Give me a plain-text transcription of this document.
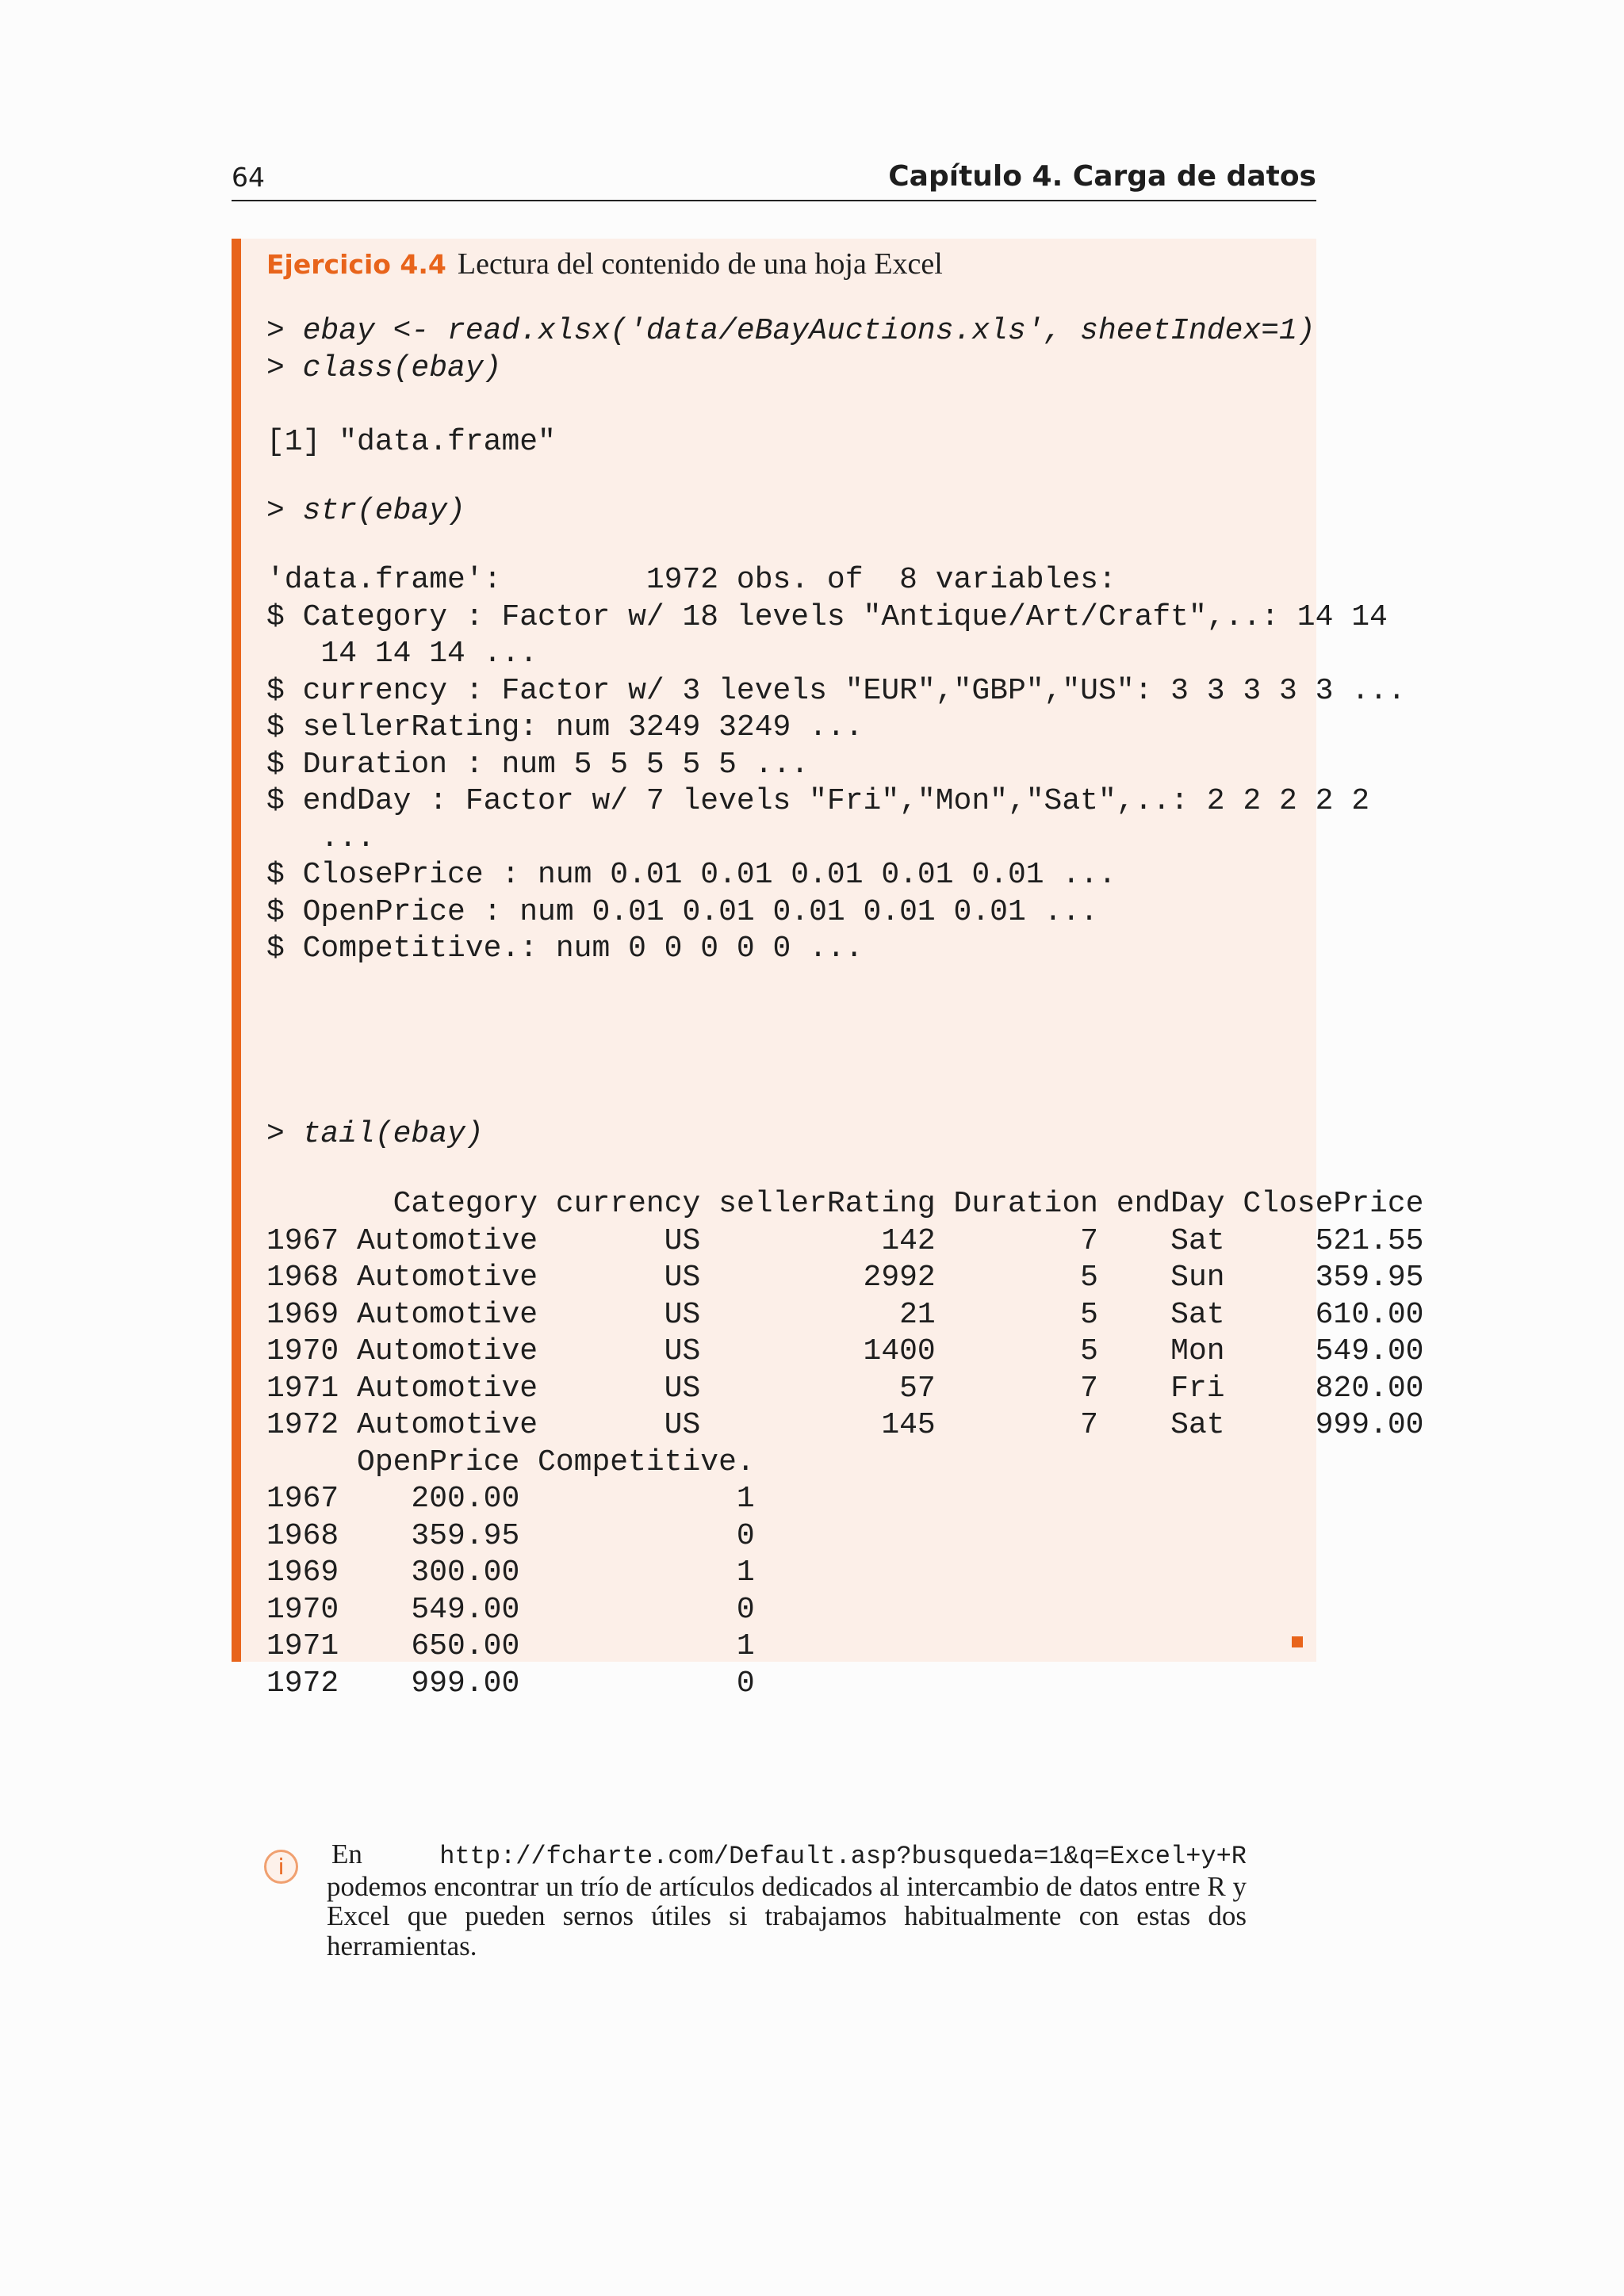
64	Capítulo 4. Carga de datos
Ejercicio 4.4 Lectura del contenido de una hoja Excel
> ebay <- read.xlsx('data/eBayAuctions.xls', sheetIndex=1)
> class(ebay)
[1] "data.frame"
> str(ebay)
'data.frame':        1972 obs. of  8 variables:
$ Category : Factor w/ 18 levels "Antique/Art/Craft",..: 14 14
14 14 14 ...
$ currency : Factor w/ 3 levels "EUR","GBP","US": 3 3 3 3 3 ...
$ sellerRating: num 3249 3249 ...
$ Duration : num 5 5 5 5 5 ...
$ endDay : Factor w/ 7 levels "Fri","Mon","Sat",..: 2 2 2 2 2
...
$ ClosePrice : num 0.01 0.01 0.01 0.01 0.01 ...
$ OpenPrice : num 0.01 0.01 0.01 0.01 0.01 ...
$ Competitive.: num 0 0 0 0 0 ...
> tail(ebay)
Category currency sellerRating Duration endDay ClosePrice
1967 Automotive       US          142        7    Sat     521.55
1968 Automotive       US         2992        5    Sun     359.95
1969 Automotive       US           21        5    Sat     610.00
1970 Automotive       US         1400        5    Mon     549.00
1971 Automotive       US           57        7    Fri     820.00
1972 Automotive       US          145        7    Sat     999.00
OpenPrice Competitive.
1967    200.00            1
1968    359.95            0
1969    300.00            1
1970    549.00            0
1971    650.00            1
1972    999.00            0
i	En	http://fcharte.com/Default.asp?busqueda=1&q=Excel+y+R podemos encontrar un trío de artículos dedicados al intercambio de datos entre R y Excel que pueden sernos útiles si trabajamos habitualmente con estas dos herramientas.
